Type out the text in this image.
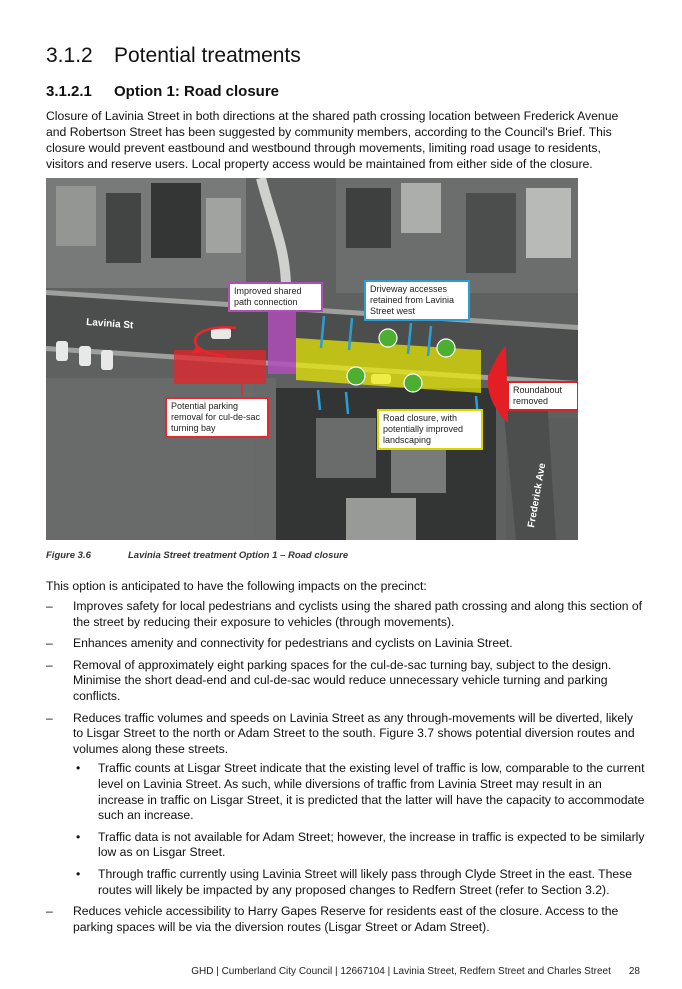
3.1.2 Potential treatments
3.1.2.1 Option 1: Road closure
Closure of Lavinia Street in both directions at the shared path crossing location between Frederick Avenue and Robertson Street has been suggested by community members, according to the Council's Brief. This closure would prevent eastbound and westbound through movements, limiting road usage to residents, visitors and reserve users. Local property access would be maintained from either side of the closure.
Lavinia St
Frederick Ave
Improved shared path connection
Driveway accesses retained from Lavinia Street west
Roundabout removed
Potential parking removal for cul-de-sac turning bay
Road closure, with potentially improved landscaping
Figure 3.6	Lavinia Street treatment Option 1 – Road closure
This option is anticipated to have the following impacts on the precinct:
– Improves safety for local pedestrians and cyclists using the shared path crossing and along this section of the street by reducing their exposure to vehicles (through movements).
– Enhances amenity and connectivity for pedestrians and cyclists on Lavinia Street.
– Removal of approximately eight parking spaces for the cul-de-sac turning bay, subject to the design. Minimise the short dead-end and cul-de-sac would reduce unnecessary vehicle turning and parking conflicts.
– Reduces traffic volumes and speeds on Lavinia Street as any through-movements will be diverted, likely to Lisgar Street to the north or Adam Street to the south. Figure 3.7 shows potential diversion routes and volumes along these streets.
• Traffic counts at Lisgar Street indicate that the existing level of traffic is low, comparable to the current level on Lavinia Street. As such, while diversions of traffic from Lavinia Street may result in an increase in traffic on Lisgar Street, it is predicted that the latter will have the capacity to accommodate such an increase.
• Traffic data is not available for Adam Street; however, the increase in traffic is expected to be similarly low as on Lisgar Street.
• Through traffic currently using Lavinia Street will likely pass through Clyde Street in the east. These routes will likely be impacted by any proposed changes to Redfern Street (refer to Section 3.2).
– Reduces vehicle accessibility to Harry Gapes Reserve for residents east of the closure. Access to the parking spaces will be via the diversion routes (Lisgar Street or Adam Street).
GHD | Cumberland City Council | 12667104 | Lavinia Street, Redfern Street and Charles Street 28
